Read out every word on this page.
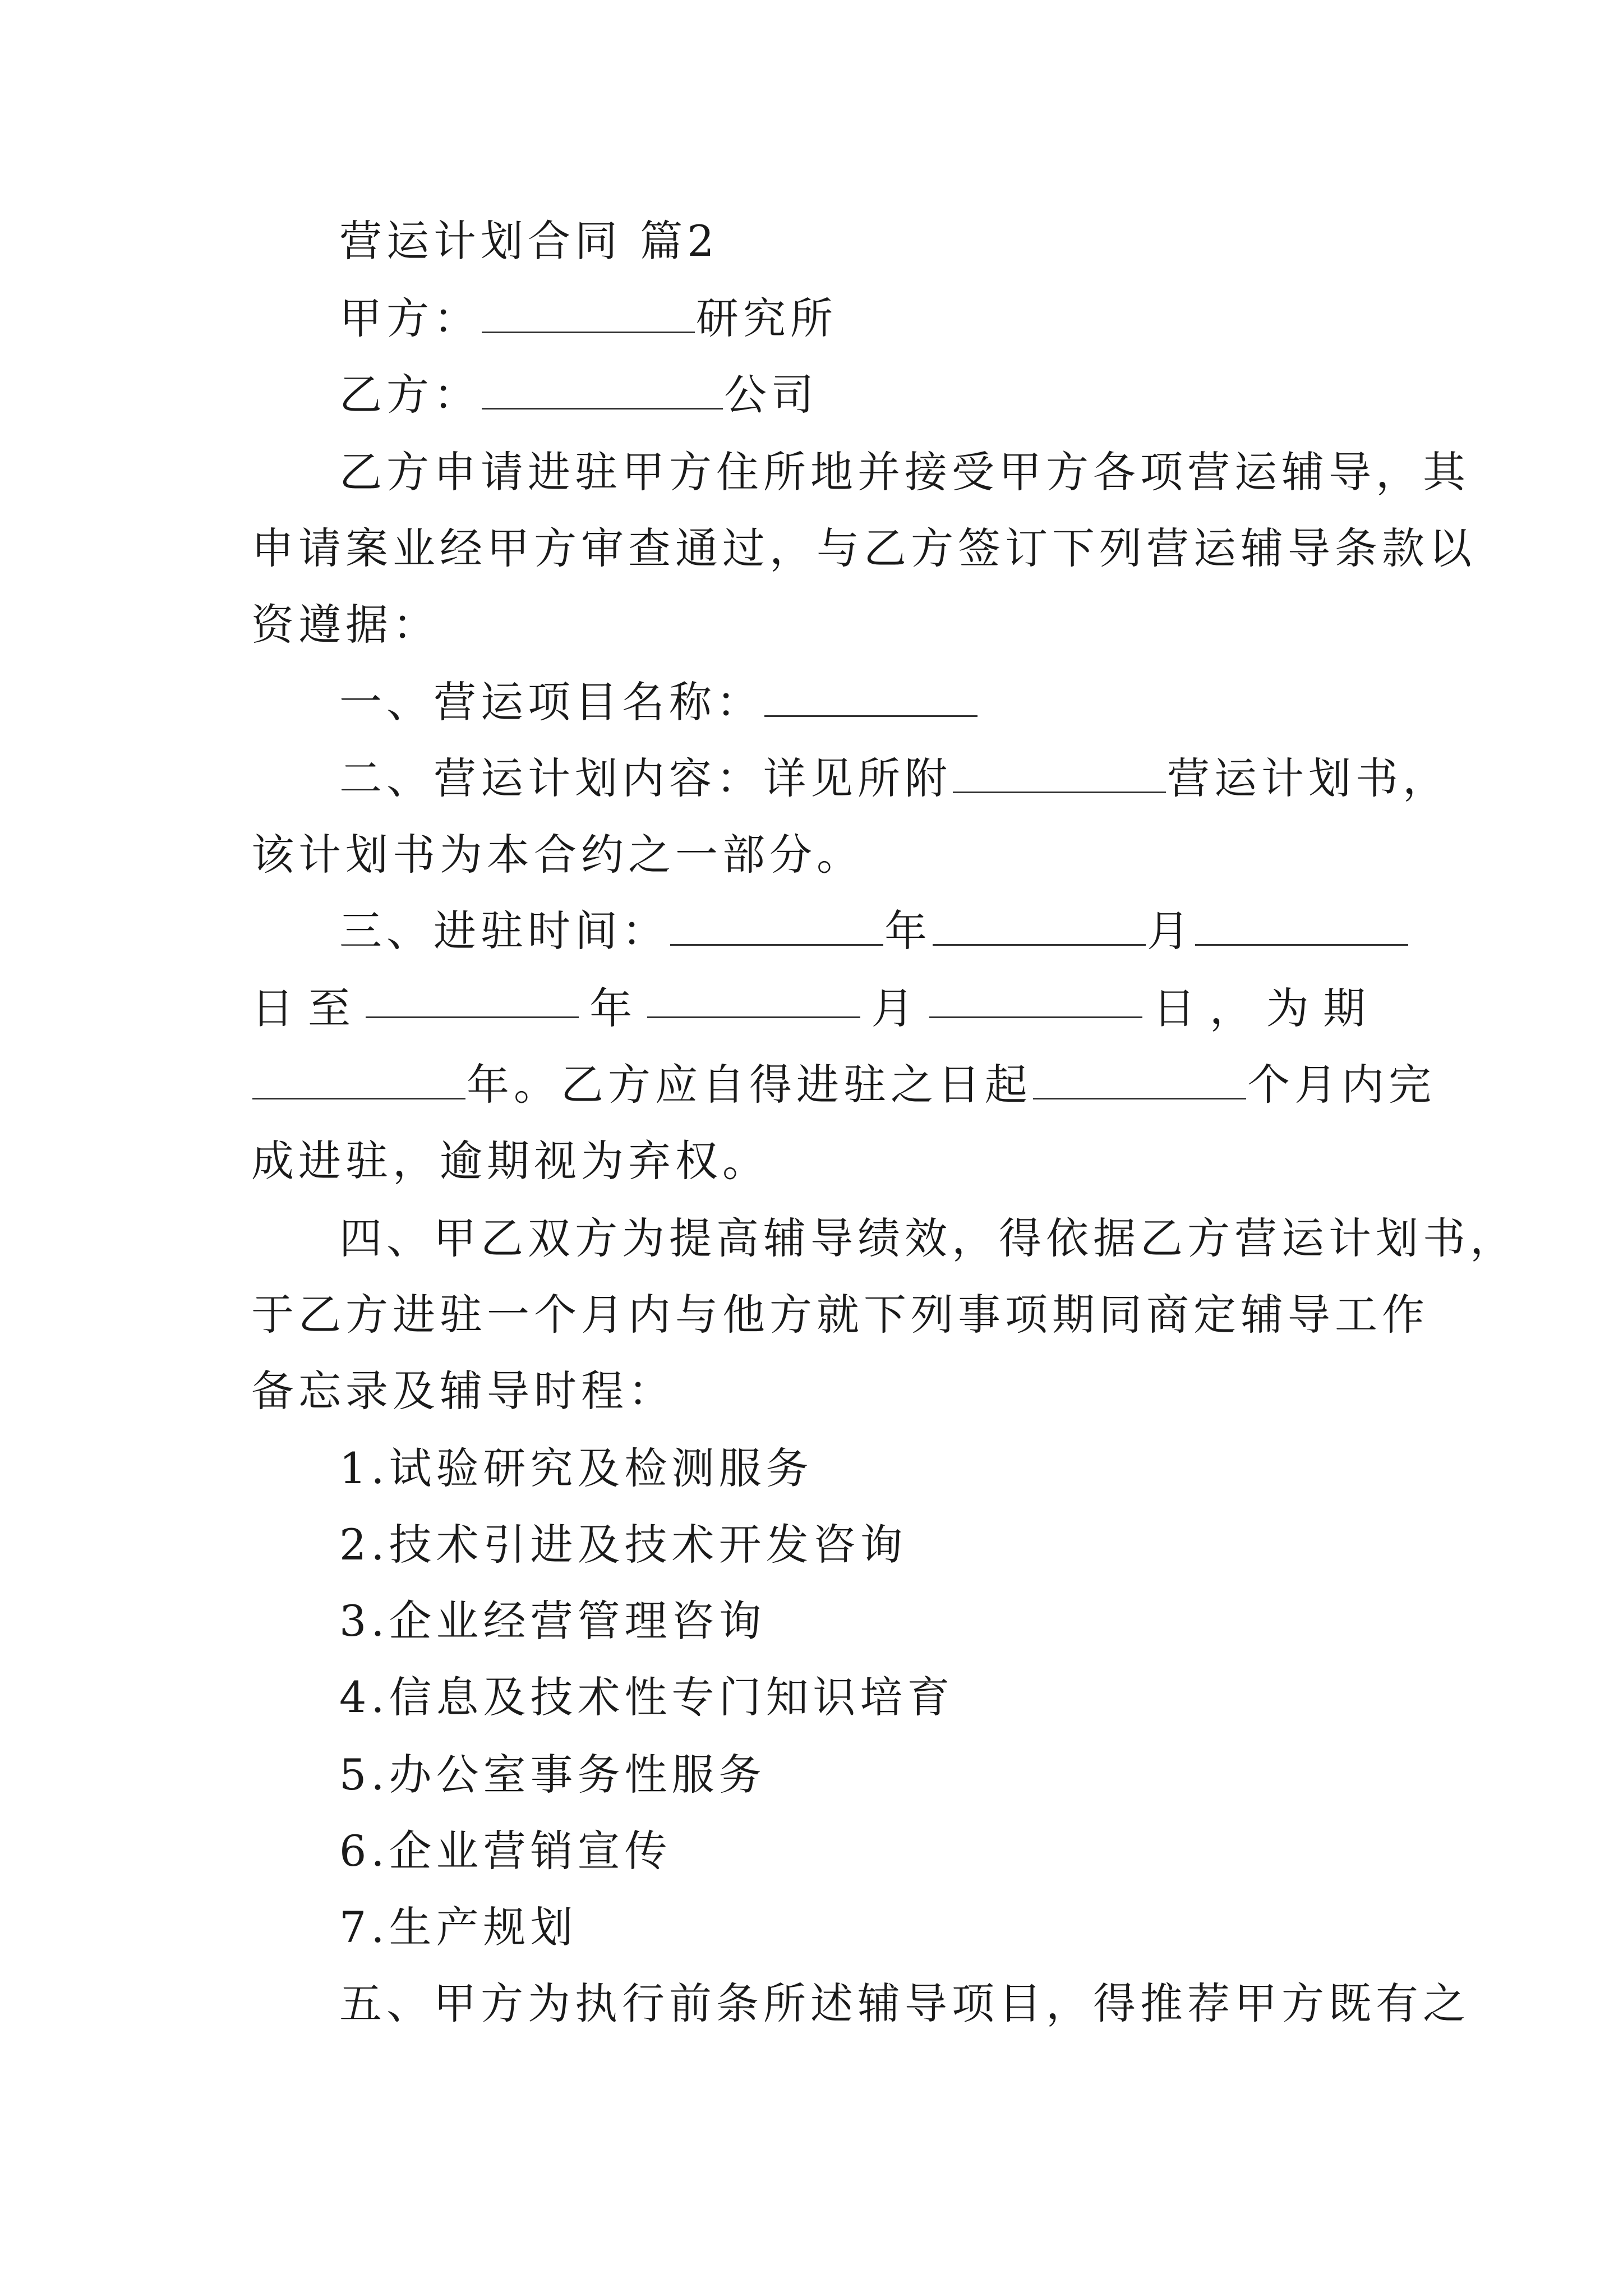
营运计划合同 篇2
甲方：	研究所
乙方：	公司
乙方申请进驻甲方住所地并接受甲方各项营运辅导，其
申请案业经甲方审查通过，与乙方签订下列营运辅导条款以
资遵据：
一、营运项目名称：
二、营运计划内容：详见所附	营运计划书，
该计划书为本合约之一部分。
三、进驻时间：	年	月
日 至	年	月	日 ， 为 期
年。乙方应自得进驻之日起	个月内完
成进驻，逾期视为弃权。
四、甲乙双方为提高辅导绩效，得依据乙方营运计划书，
于乙方进驻一个月内与他方就下列事项期同商定辅导工作
备忘录及辅导时程：
1.试验研究及检测服务
2.技术引进及技术开发咨询
3.企业经营管理咨询
4.信息及技术性专门知识培育
5.办公室事务性服务
6.企业营销宣传
7.生产规划
五、甲方为执行前条所述辅导项目，得推荐甲方既有之
